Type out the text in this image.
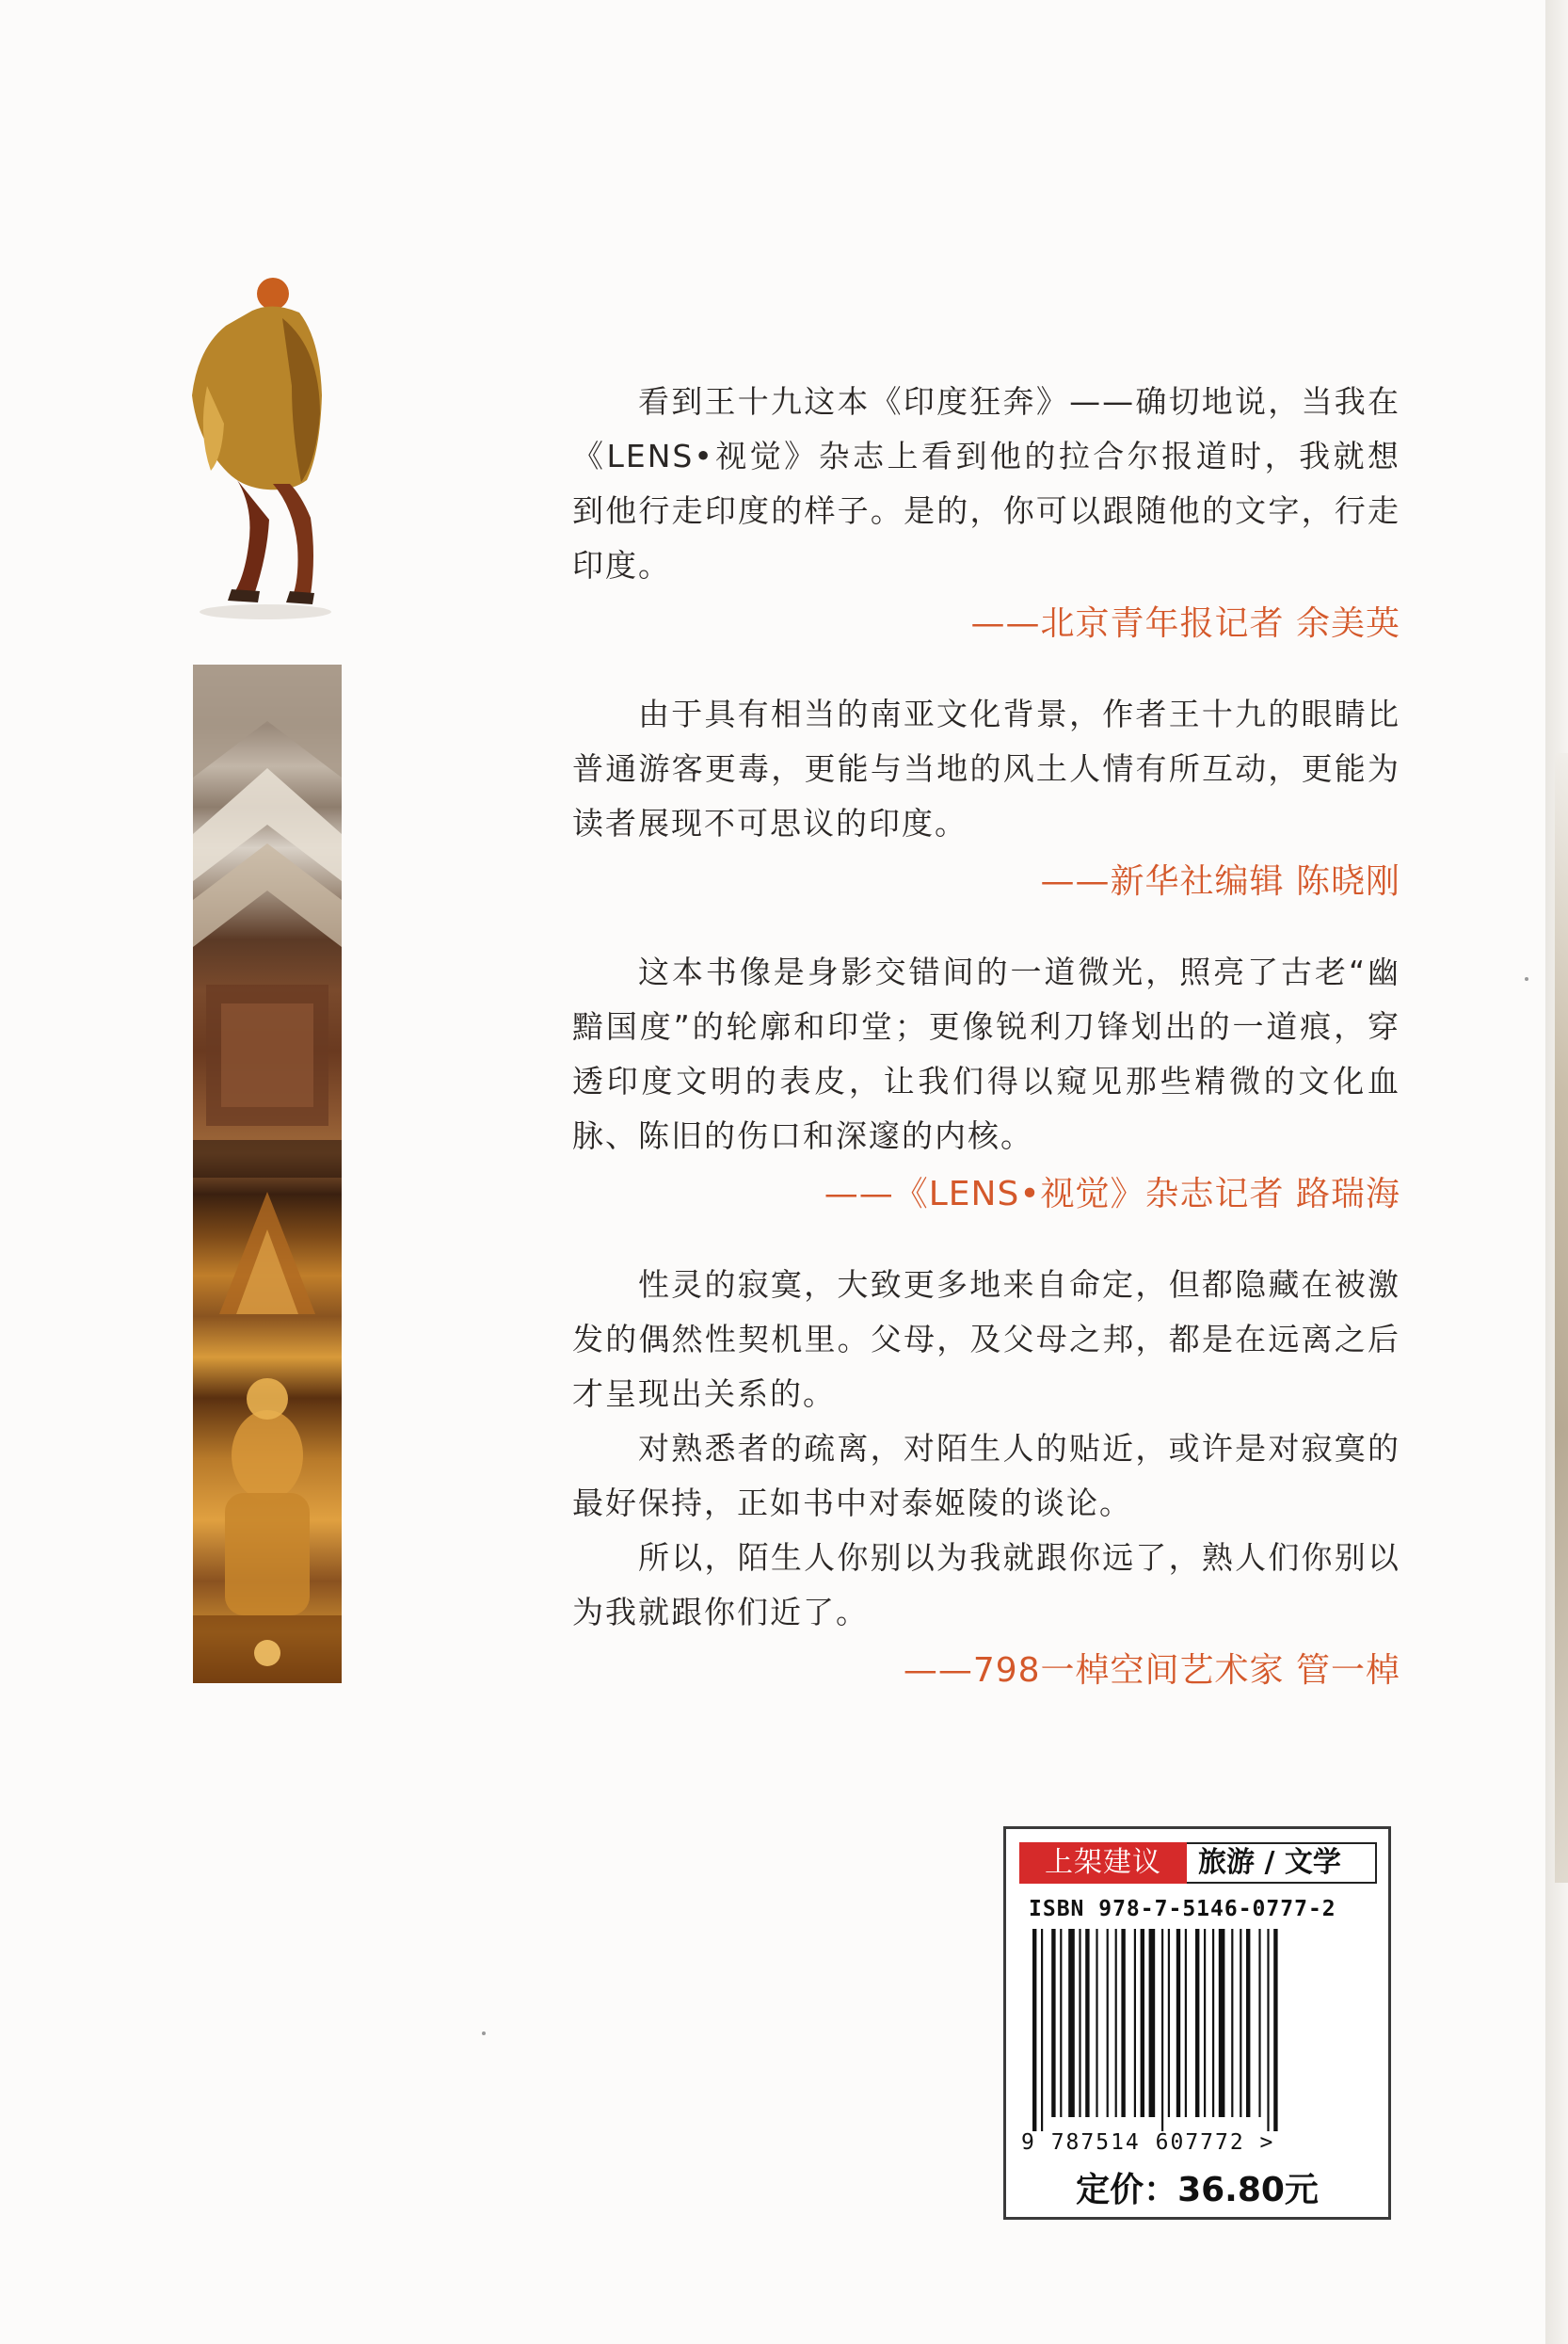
看到王十九这本《印度狂奔》——确切地说，当我在《LENS•视觉》杂志上看到他的拉合尔报道时，我就想到他行走印度的样子。是的，你可以跟随他的文字，行走印度。

——北京青年报记者 余美英

由于具有相当的南亚文化背景，作者王十九的眼睛比普通游客更毒，更能与当地的风土人情有所互动，更能为读者展现不可思议的印度。

——新华社编辑 陈晓刚

这本书像是身影交错间的一道微光，照亮了古老“幽黯国度”的轮廓和印堂；更像锐利刀锋划出的一道痕，穿透印度文明的表皮，让我们得以窥见那些精微的文化血脉、陈旧的伤口和深邃的内核。

——《LENS•视觉》杂志记者 路瑞海

性灵的寂寞，大致更多地来自命定，但都隐藏在被激发的偶然性契机里。父母，及父母之邦，都是在远离之后才呈现出关系的。

对熟悉者的疏离，对陌生人的贴近，或许是对寂寞的最好保持，正如书中对泰姬陵的谈论。

所以，陌生人你别以为我就跟你远了，熟人们你别以为我就跟你们近了。

——798一棹空间艺术家 管一棹

上架建议	旅游 / 文学
ISBN 978-7-5146-0777-2
9 787514 607772 >
定价：36.80元
